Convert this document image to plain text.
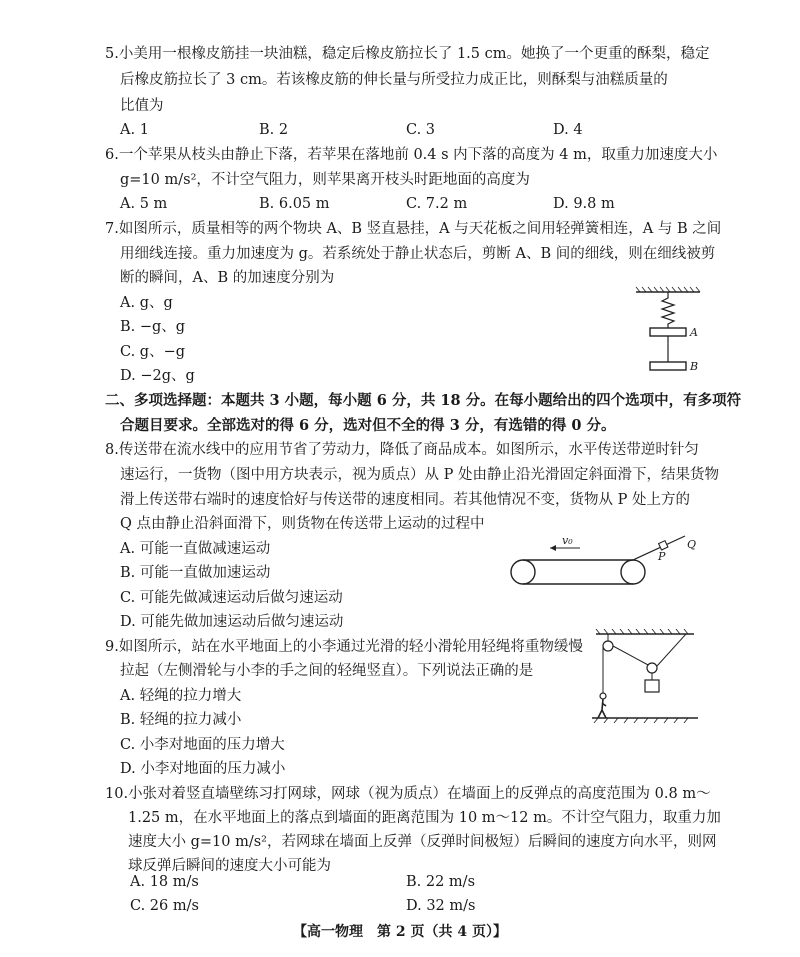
5.小美用一根橡皮筋挂一块油糕，稳定后橡皮筋拉长了 1.5 cm。她换了一个更重的酥梨，稳定
后橡皮筋拉长了 3 cm。若该橡皮筋的伸长量与所受拉力成正比，则酥梨与油糕质量的
比值为
A. 1	B. 2	C. 3	D. 4
6.一个苹果从枝头由静止下落，若苹果在落地前 0.4 s 内下落的高度为 4 m，取重力加速度大小
g=10 m/s²，不计空气阻力，则苹果离开枝头时距地面的高度为
A. 5 m	B. 6.05 m	C. 7.2 m	D. 9.8 m
7.如图所示，质量相等的两个物块 A、B 竖直悬挂，A 与天花板之间用轻弹簧相连，A 与 B 之间
用细线连接。重力加速度为 g。若系统处于静止状态后，剪断 A、B 间的细线，则在细线被剪
断的瞬间，A、B 的加速度分别为
A. g、g
B. −g、g
C. g、−g
D. −2g、g
A
B
二、多项选择题：本题共 3 小题，每小题 6 分，共 18 分。在每小题给出的四个选项中，有多项符
合题目要求。全部选对的得 6 分，选对但不全的得 3 分，有选错的得 0 分。
8.传送带在流水线中的应用节省了劳动力，降低了商品成本。如图所示，水平传送带逆时针匀
速运行，一货物（图中用方块表示，视为质点）从 P 处由静止沿光滑固定斜面滑下，结果货物
滑上传送带右端时的速度恰好与传送带的速度相同。若其他情况不变，货物从 P 处上方的
Q 点由静止沿斜面滑下，则货物在传送带上运动的过程中
A. 可能一直做减速运动
B. 可能一直做加速运动
C. 可能先做减速运动后做匀速运动
D. 可能先做加速运动后做匀速运动
v₀
P
Q
9.如图所示，站在水平地面上的小李通过光滑的轻小滑轮用轻绳将重物缓慢
拉起（左侧滑轮与小李的手之间的轻绳竖直）。下列说法正确的是
A. 轻绳的拉力增大
B. 轻绳的拉力减小
C. 小李对地面的压力增大
D. 小李对地面的压力减小
10.小张对着竖直墙壁练习打网球，网球（视为质点）在墙面上的反弹点的高度范围为 0.8 m～
1.25 m，在水平地面上的落点到墙面的距离范围为 10 m～12 m。不计空气阻力，取重力加
速度大小 g=10 m/s²，若网球在墙面上反弹（反弹时间极短）后瞬间的速度方向水平，则网
球反弹后瞬间的速度大小可能为
A. 18 m/s	B. 22 m/s
C. 26 m/s	D. 32 m/s
【高一物理　第 2 页（共 4 页）】
